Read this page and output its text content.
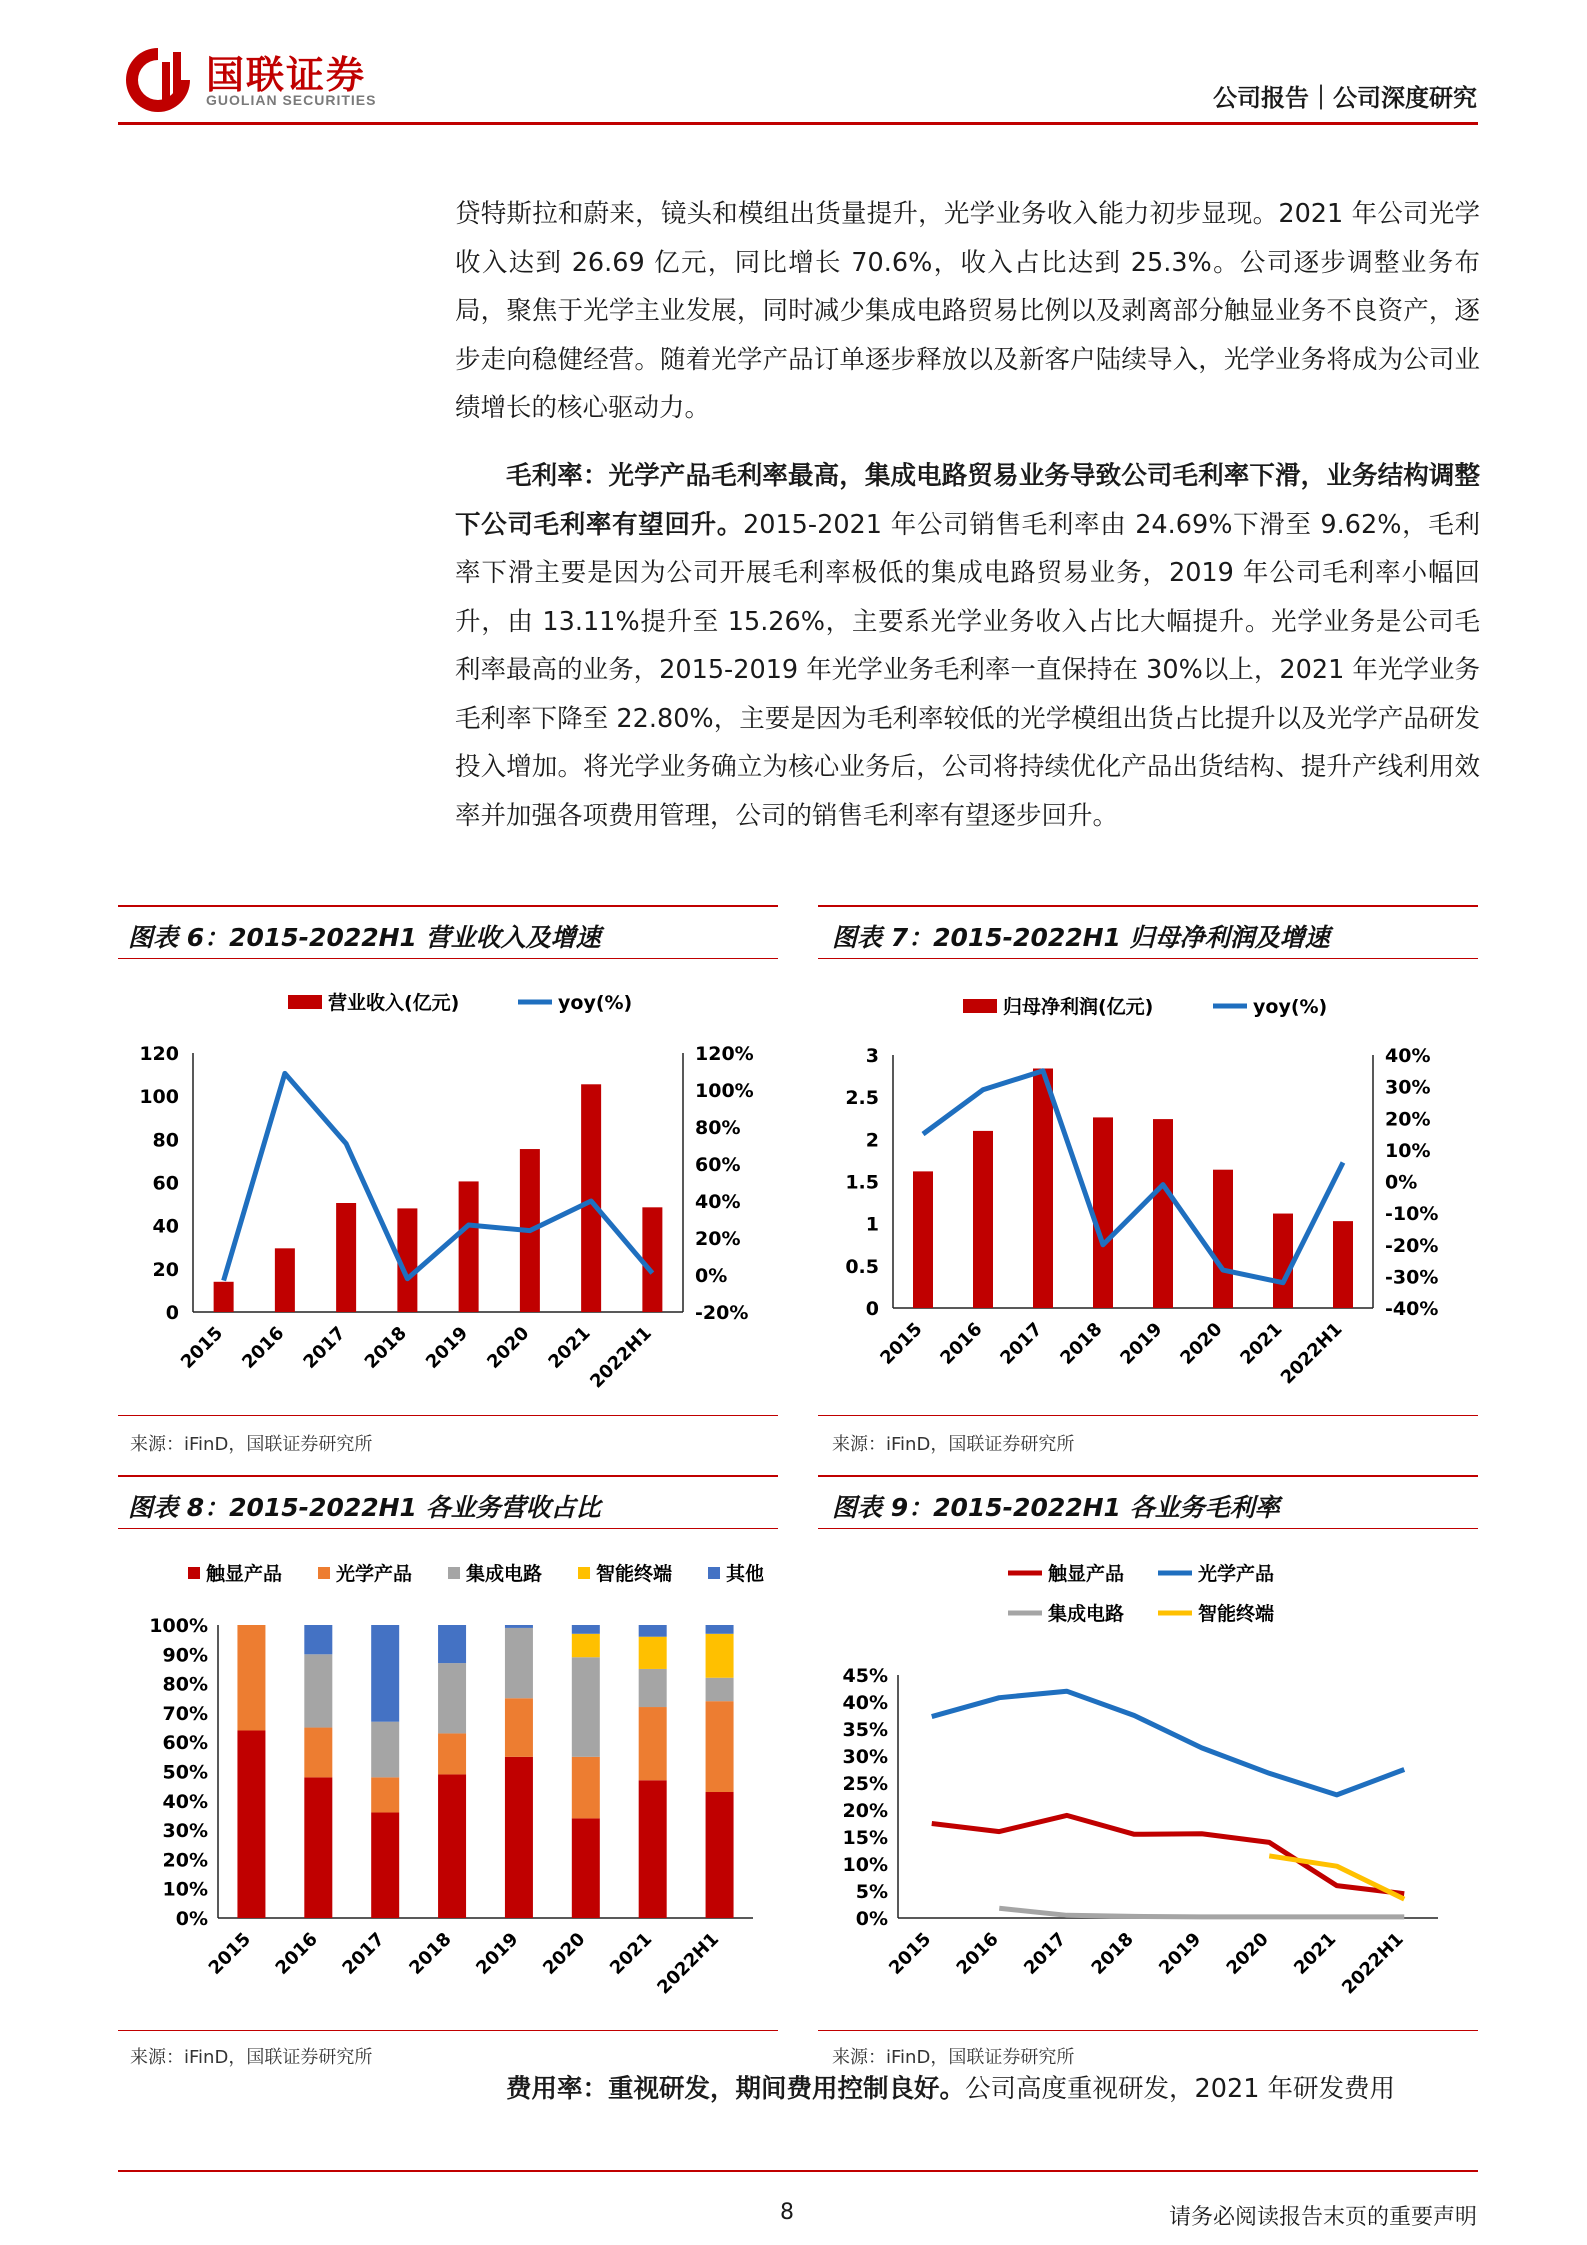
国联证券
GUOLIAN SECURITIES	公司报告｜公司深度研究

贷特斯拉和蔚来，镜头和模组出货量提升，光学业务收入能力初步显现。2021 年公司光学收入达到 26.69 亿元，同比增长 70.6%，收入占比达到 25.3%。公司逐步调整业务布局，聚焦于光学主业发展，同时减少集成电路贸易比例以及剥离部分触显业务不良资产，逐步走向稳健经营。随着光学产品订单逐步释放以及新客户陆续导入，光学业务将成为公司业绩增长的核心驱动力。

毛利率：光学产品毛利率最高，集成电路贸易业务导致公司毛利率下滑，业务结构调整下公司毛利率有望回升。2015-2021 年公司销售毛利率由 24.69%下滑至 9.62%，毛利率下滑主要是因为公司开展毛利率极低的集成电路贸易业务，2019 年公司毛利率小幅回升，由 13.11%提升至 15.26%，主要系光学业务收入占比大幅提升。光学业务是公司毛利率最高的业务，2015-2019 年光学业务毛利率一直保持在 30%以上，2021 年光学业务毛利率下降至 22.80%，主要是因为毛利率较低的光学模组出货占比提升以及光学产品研发投入增加。将光学业务确立为核心业务后，公司将持续优化产品出货结构、提升产线利用效率并加强各项费用管理，公司的销售毛利率有望逐步回升。

图表 6：2015-2022H1 营业收入及增速
营业收入(亿元)	yoy(%)
0
20
40
60
80
100
120
-20%
0%
20%
40%
60%
80%
100%
120%
2015 2016 2017 2018 2019 2020 2021
2022H1
来源：iFinD，国联证券研究所
图表 7：2015-2022H1 归母净利润及增速
归母净利润(亿元)	yoy(%)
0
0.5
1
1.5
2
2.5
3
-40%
-30%
-20%
-10%
0%
10%
20%
30%
40%
2015 2016 2017 2018 2019 2020 2021
2022H1
来源：iFinD，国联证券研究所
图表 8：2015-2022H1 各业务营收占比
触显产品	光学产品	集成电路	智能终端	其他
0%
10%
20%
30%
40%
50%
60%
70%
80%
90%
100%
2015 2016 2017 2018 2019 2020 2021
2022H1
来源：iFinD，国联证券研究所
图表 9：2015-2022H1 各业务毛利率
触显产品	光学产品
集成电路	智能终端
0%
5%
10%
15%
20%
25%
30%
35%
40%
45%
2015 2016 2017 2018 2019 2020 2021
2022H1
来源：iFinD，国联证券研究所

费用率：重视研发，期间费用控制良好。公司高度重视研发，2021 年研发费用

8	请务必阅读报告末页的重要声明
